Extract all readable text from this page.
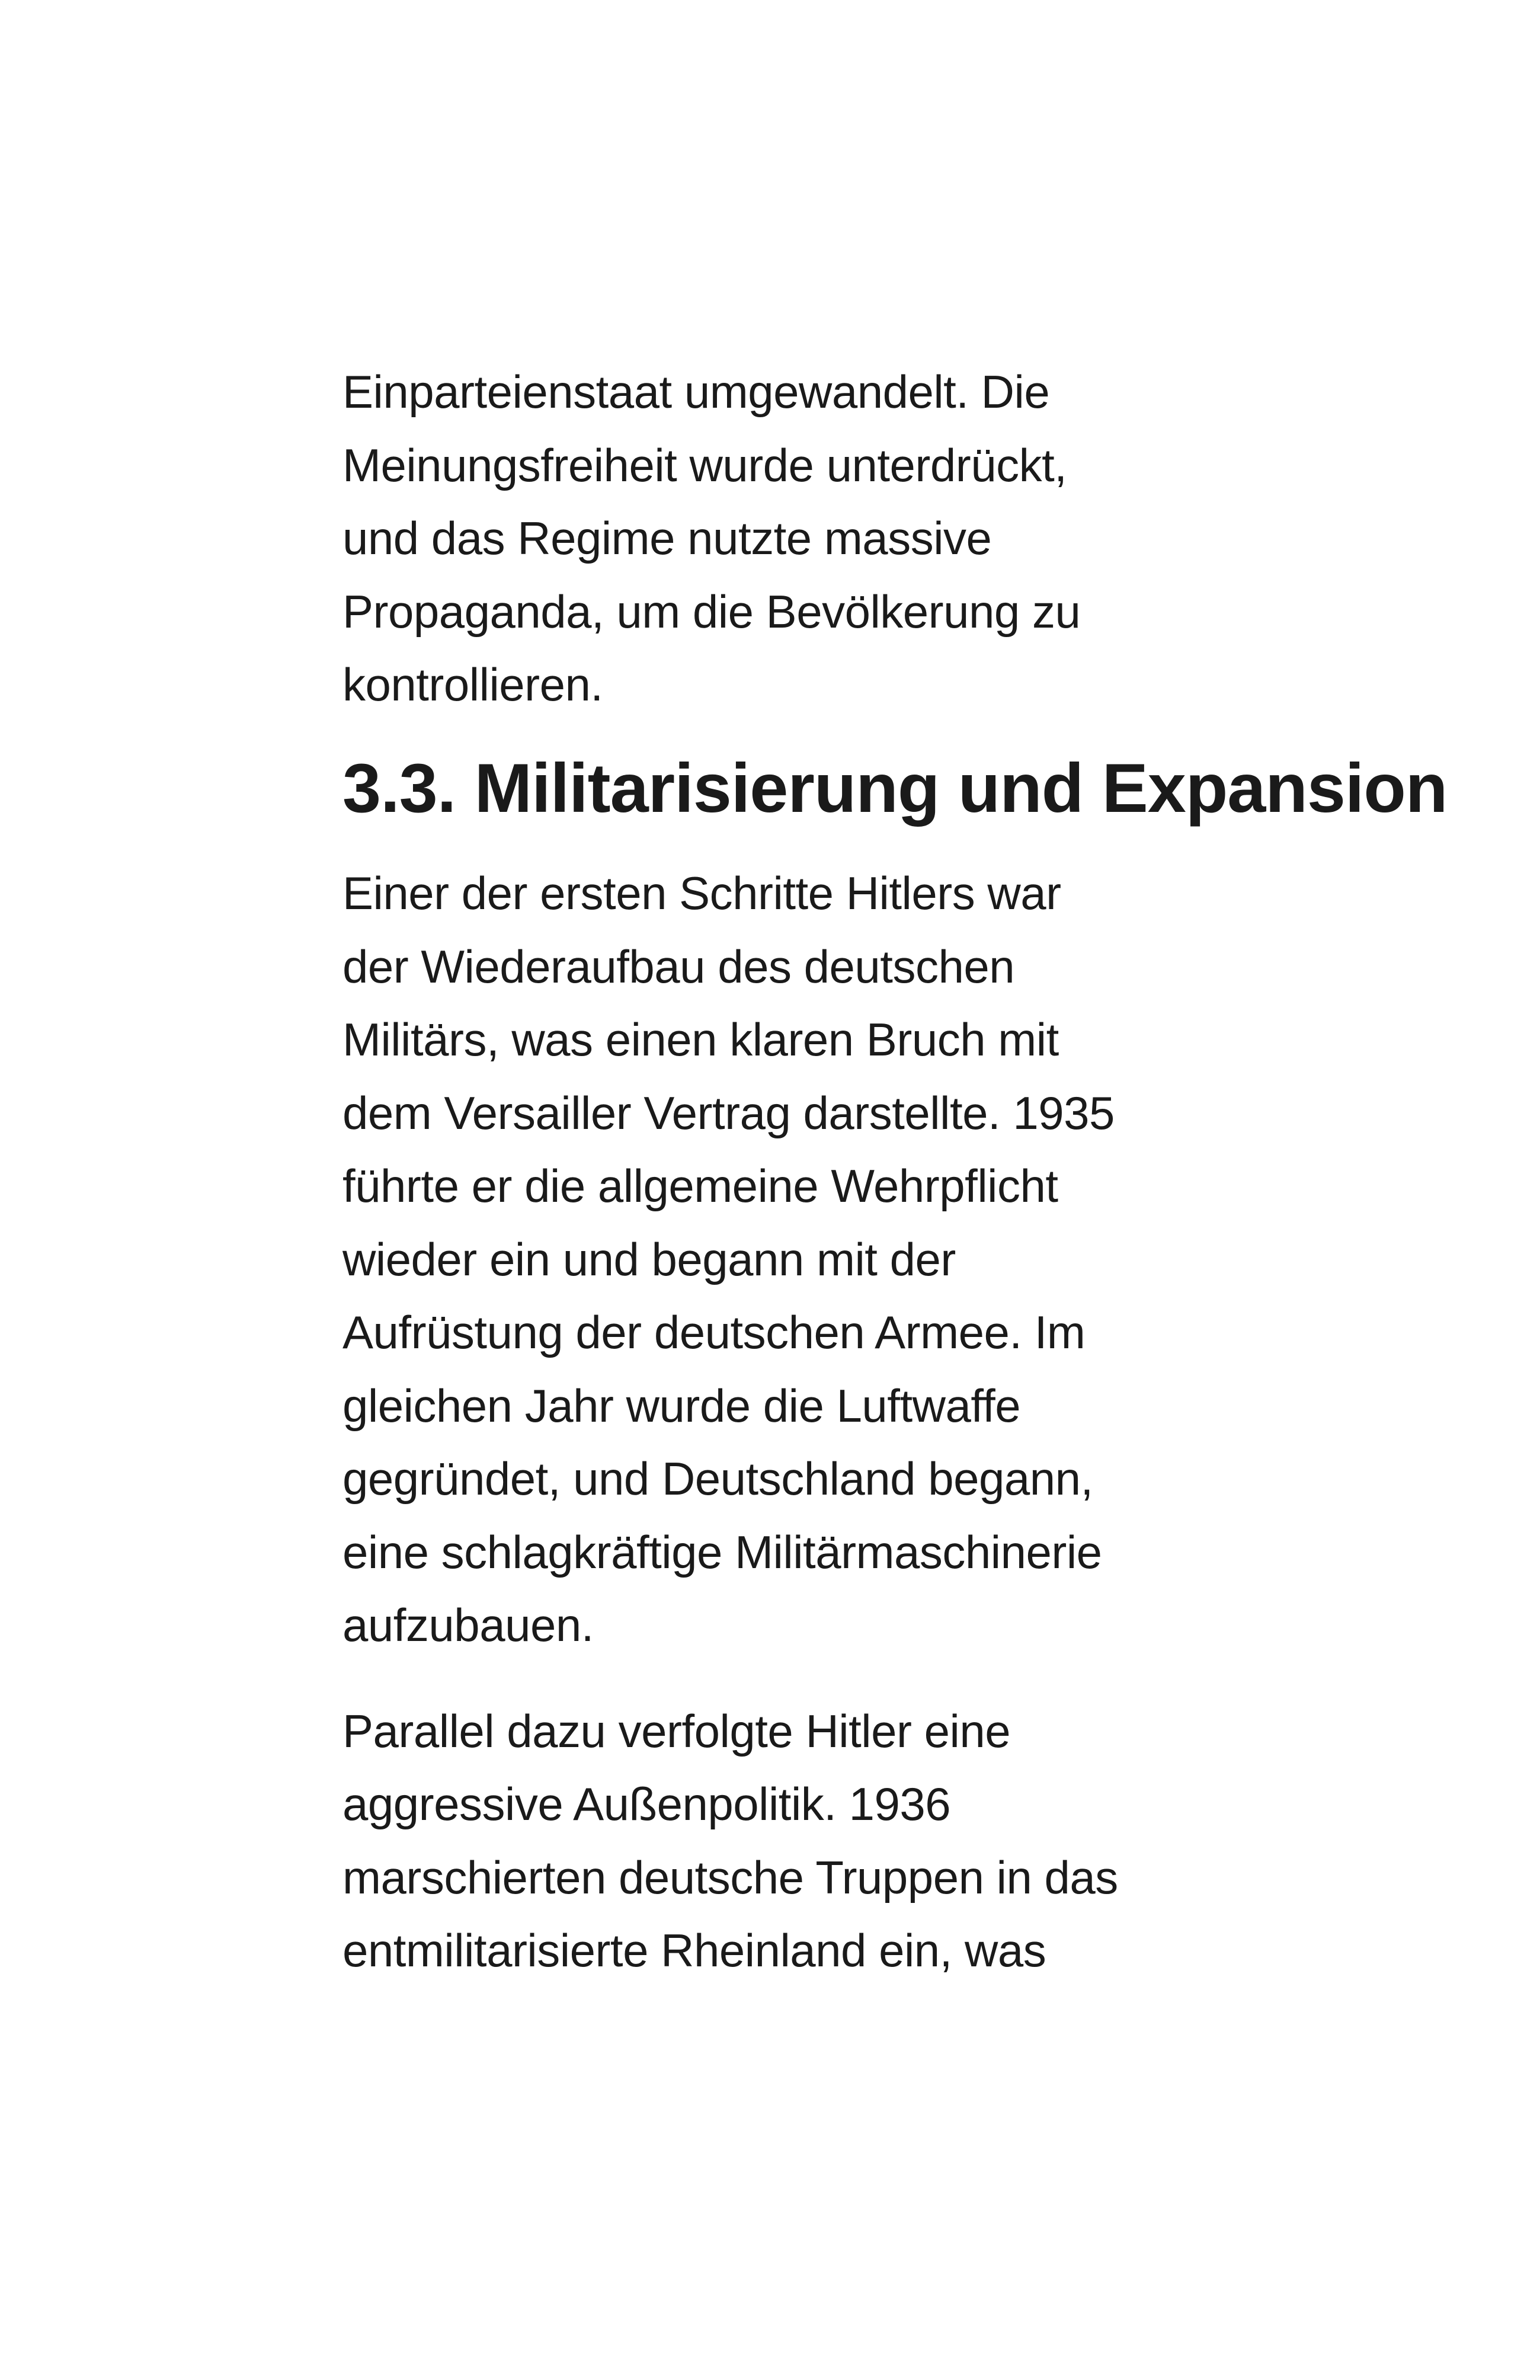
Einparteienstaat umgewandelt. Die
Meinungsfreiheit wurde unterdrückt,
und das Regime nutzte massive
Propaganda, um die Bevölkerung zu
kontrollieren.

3.3. Militarisierung und Expansion

Einer der ersten Schritte Hitlers war
der Wiederaufbau des deutschen
Militärs, was einen klaren Bruch mit
dem Versailler Vertrag darstellte. 1935
führte er die allgemeine Wehrpflicht
wieder ein und begann mit der
Aufrüstung der deutschen Armee. Im
gleichen Jahr wurde die Luftwaffe
gegründet, und Deutschland begann,
eine schlagkräftige Militärmaschinerie
aufzubauen.

Parallel dazu verfolgte Hitler eine
aggressive Außenpolitik. 1936
marschierten deutsche Truppen in das
entmilitarisierte Rheinland ein, was
